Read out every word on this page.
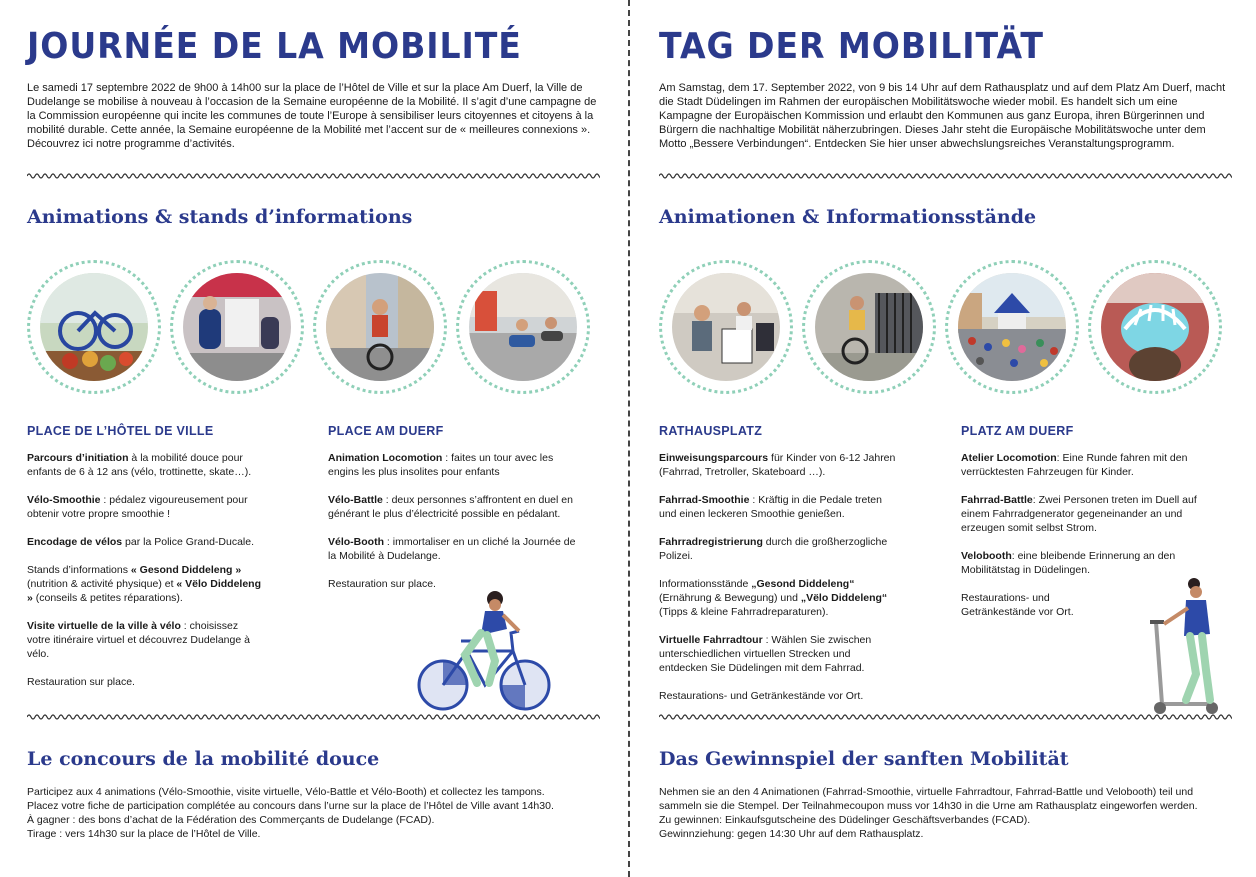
JOURNÉE DE LA MOBILITÉ

Le samedi 17 septembre 2022 de 9h00 à 14h00 sur la place de l’Hôtel de Ville et sur la place Am Duerf, la Ville de Dudelange se mobilise à nouveau à l’occasion de la Semaine européenne de la Mobilité. Il s’agit d’une campagne de la Commission européenne qui incite les communes de toute l’Europe à sensibiliser leurs citoyennes et citoyens à la mobilité durable. Cette année, la Semaine européenne de la Mobilité met l’accent sur de « meilleures connexions ». Découvrez ici notre programme d’activités.

Animations & stands d’informations

PLACE DE L’HÔTEL DE VILLE

Parcours d’initiation à la mobilité douce pour enfants de 6 à 12 ans (vélo, trottinette, skate…).

Vélo-Smoothie : pédalez vigoureusement pour obtenir votre propre smoothie !

Encodage de vélos par la Police Grand-Ducale.

Stands d’informations « Gesond Diddeleng » (nutrition & activité physique) et « Vëlo Diddeleng » (conseils & petites réparations).

Visite virtuelle de la ville à vélo : choisissez votre itinéraire virtuel et découvrez Dudelange à vélo.

Restauration sur place.

PLACE AM DUERF

Animation Locomotion : faites un tour avec les engins les plus insolites pour enfants

Vélo-Battle : deux personnes s’affrontent en duel en générant le plus d’électricité possible en pédalant.

Vélo-Booth : immortaliser en un cliché la Journée de la Mobilité à Dudelange.

Restauration sur place.

Le concours de la mobilité douce
Participez aux 4 animations (Vélo-Smoothie, visite virtuelle, Vélo-Battle et Vélo-Booth) et collectez les tampons.
Placez votre fiche de participation complétée au concours dans l’urne sur la place de l’Hôtel de Ville avant 14h30.
À gagner : des bons d’achat de la Fédération des Commerçants de Dudelange (FCAD).
Tirage : vers 14h30 sur la place de l’Hôtel de Ville.
TAG DER MOBILITÄT

Am Samstag, dem 17. September 2022, von 9 bis 14 Uhr auf dem Rathausplatz und auf dem Platz Am Duerf, macht die Stadt Düdelingen im Rahmen der europäischen Mobilitätswoche wieder mobil. Es handelt sich um eine Kampagne der Europäischen Kommission und erlaubt den Kommunen aus ganz Europa, ihren Bürgerinnen und Bürgern die nachhaltige Mobilität näherzubringen. Dieses Jahr steht die Europäische Mobilitätswoche unter dem Motto „Bessere Verbindungen“. Entdecken Sie hier unser abwechslungsreiches Veranstaltungsprogramm.

Animationen & Informationsstände

RATHAUSPLATZ

Einweisungsparcours für Kinder von 6-12 Jahren (Fahrrad, Tretroller, Skateboard …).

Fahrrad-Smoothie : Kräftig in die Pedale treten und einen leckeren Smoothie genießen.

Fahrradregistrierung durch die großherzogliche Polizei.

Informationsstände „Gesond Diddeleng“ (Ernährung & Bewegung) und „Vëlo Diddeleng“ (Tipps & kleine Fahrradreparaturen).

Virtuelle Fahrradtour : Wählen Sie zwischen unterschiedlichen virtuellen Strecken und entdecken Sie Düdelingen mit dem Fahrrad.

Restaurations- und Getränkestände vor Ort.

PLATZ AM DUERF

Atelier Locomotion: Eine Runde fahren mit den verrücktesten Fahrzeugen für Kinder.

Fahrrad-Battle: Zwei Personen treten im Duell auf einem Fahrradgenerator gegeneinander an und erzeugen somit selbst Strom.

Velobooth: eine bleibende Erinnerung an den Mobilitätstag in Düdelingen.

Restaurations- und Getränkestände vor Ort.

Das Gewinnspiel der sanften Mobilität
Nehmen sie an den 4 Animationen (Fahrrad-Smoothie, virtuelle Fahrradtour, Fahrrad-Battle und Velobooth) teil und
sammeln sie die Stempel. Der Teilnahmecoupon muss vor 14h30 in die Urne am Rathausplatz eingeworfen werden.
Zu gewinnen: Einkaufsgutscheine des Düdelinger Geschäftsverbandes (FCAD).
Gewinnziehung: gegen 14:30 Uhr auf dem Rathausplatz.
